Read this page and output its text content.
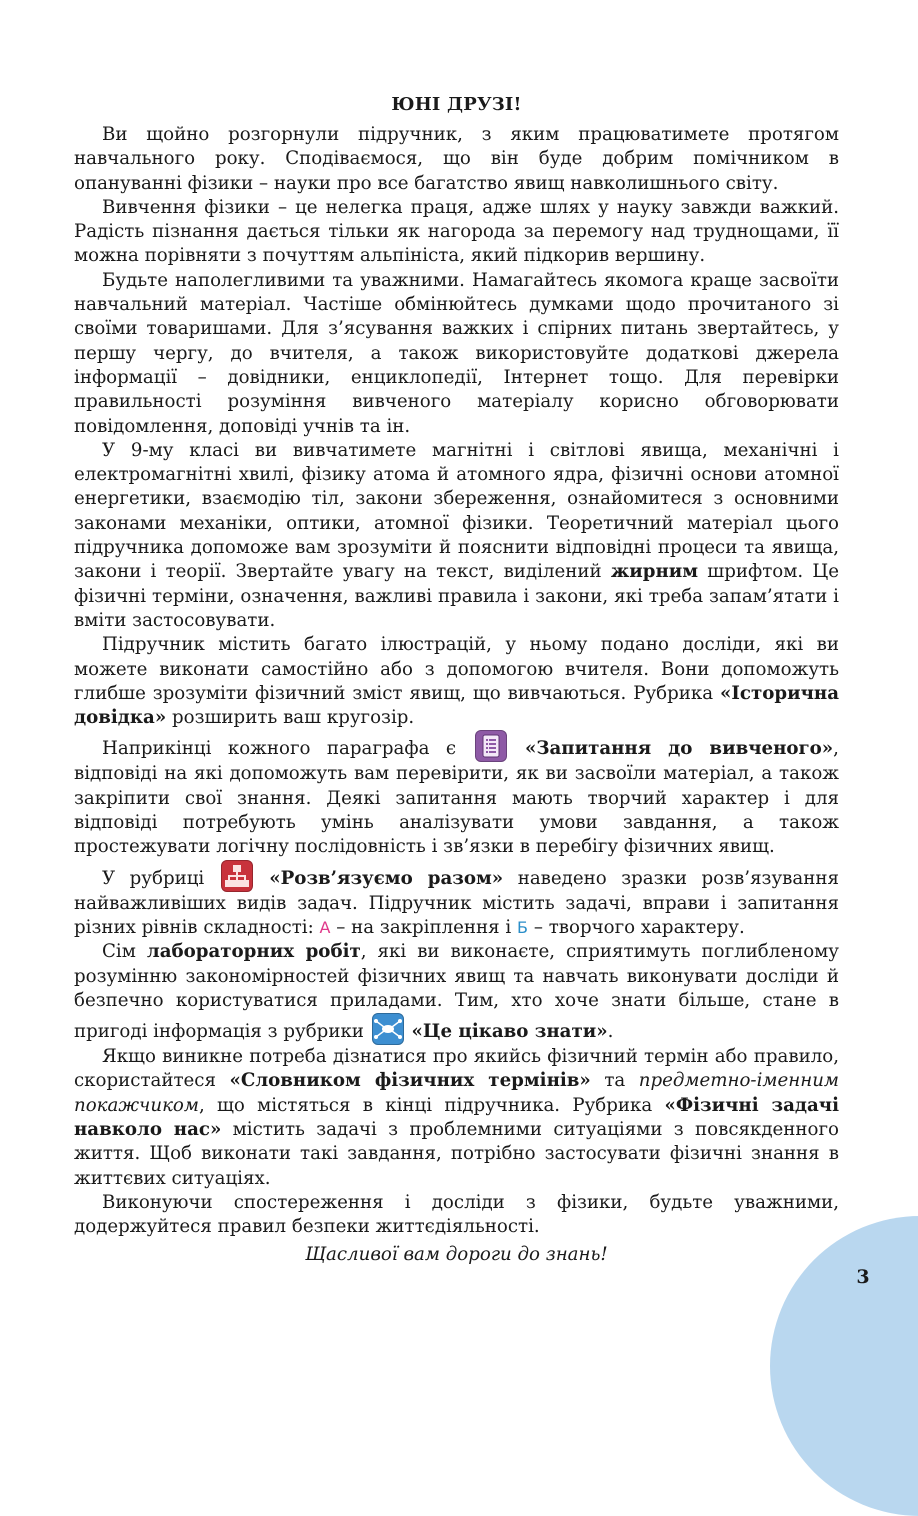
3
ЮНІ ДРУЗІ!

Ви щойно розгорнули підручник, з яким працюватимете протягом навчального року. Сподіваємося, що він буде добрим помічником в опануванні фізики – науки про все багатство явищ навколишнього світу.

Вивчення фізики – це нелегка праця, адже шлях у науку завжди важкий. Радість пізнання дається тільки як нагорода за перемогу над труднощами, її можна порівняти з почуттям альпініста, який підкорив вершину.

Будьте наполегливими та уважними. Намагайтесь якомога краще засвоїти навчальний матеріал. Частіше обмінюйтесь думками щодо прочитаного зі своїми товаришами. Для з’ясування важких і спірних питань звертайтесь, у першу чергу, до вчителя, а також використовуйте додаткові джерела інформації – довідники, енциклопедії, Інтернет тощо. Для перевірки правильності розуміння вивченого матеріалу корисно обговорювати повідомлення, доповіді учнів та ін.

У 9-му класі ви вивчатимете магнітні і світлові явища, механічні і електромагнітні хвилі, фізику атома й атомного ядра, фізичні основи атомної енергетики, взаємодію тіл, закони збереження, ознайомитеся з основними законами механіки, оптики, атомної фізики. Теоретичний матеріал цього підручника допоможе вам зрозуміти й пояснити відповідні процеси та явища, закони і теорії. Звертайте увагу на текст, виділений жирним шрифтом. Це фізичні терміни, означення, важливі правила і закони, які треба запам’ятати і вміти застосовувати.

Підручник містить багато ілюстрацій, у ньому подано досліди, які ви можете виконати самостійно або з допомогою вчителя. Вони допоможуть глибше зрозуміти фізичний зміст явищ, що вивчаються. Рубрика «Історична довідка» розширить ваш кругозір.

Наприкінці кожного параграфа є	«Запитання до вивченого», відповіді на які допоможуть вам перевірити, як ви засвоїли матеріал, а також закріпити свої знання. Деякі запитання мають творчий характер і для відповіді потребують умінь аналізувати умови завдання, а також простежувати логічну послідовність і зв’язки в перебігу фізичних явищ.

У рубриці	«Розв’язуємо разом» наведено зразки розв’язування найважливіших видів задач. Підручник містить задачі, вправи і запитання різних рівнів складності: А – на закріплення і Б – творчого характеру.

Сім лабораторних робіт, які ви виконаєте, сприятимуть поглибленому розумінню закономірностей фізичних явищ та навчать виконувати досліди й безпечно користуватися приладами. Тим, хто хоче знати більше, стане в пригоді інформація з рубрики	«Це цікаво знати».

Якщо виникне потреба дізнатися про якийсь фізичний термін або правило, скористайтеся «Словником фізичних термінів» та предметно-іменним покажчиком, що містяться в кінці підручника. Рубрика «Фізичні задачі навколо нас» містить задачі з проблемними ситуаціями з повсякденного життя. Щоб виконати такі завдання, потрібно застосувати фізичні знання в життєвих ситуаціях.

Виконуючи спостереження і досліди з фізики, будьте уважними, додержуйтеся правил безпеки життєдіяльності.

Щасливої вам дороги до знань!
